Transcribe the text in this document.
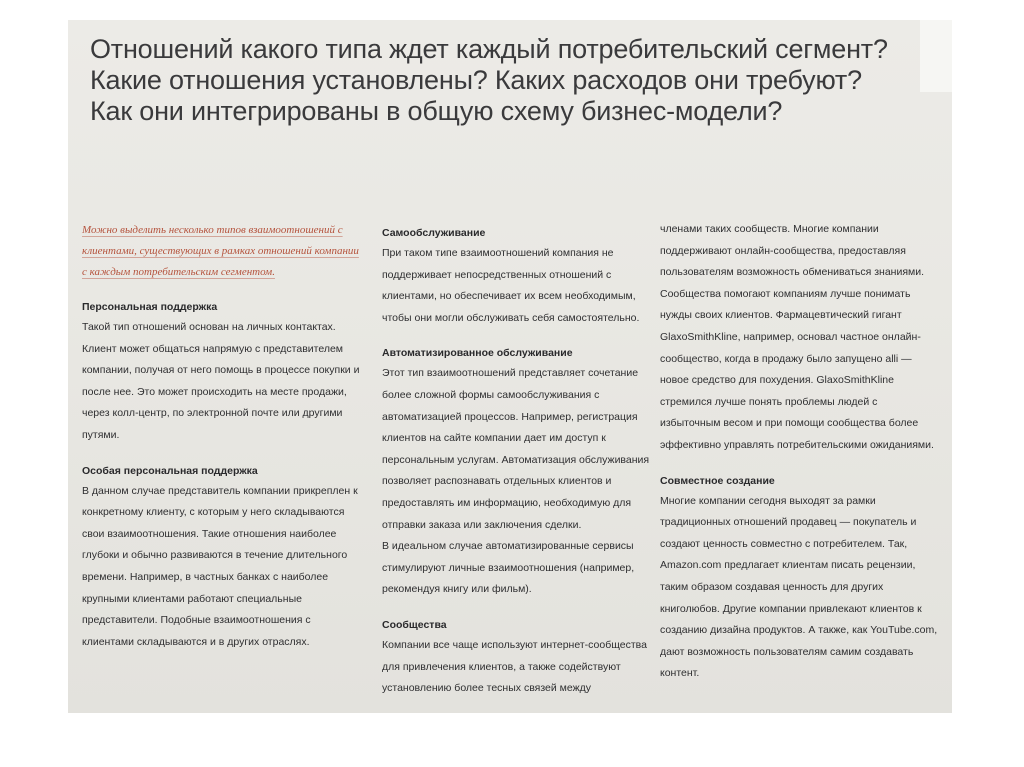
Отношений какого типа ждет каждый потребительский сегмент?
Какие отношения установлены? Каких расходов они требуют?
Как они интегрированы в общую схему бизнес-модели?

Можно выделить несколько типов взаимоотношений с клиентами, существующих в рамках отношений компании с каждым потребительским сегментом.

Персональная поддержка

Такой тип отношений основан на личных контактах. Клиент может общаться напрямую с представителем компании, получая от него помощь в процессе покупки и после нее. Это может происходить на месте продажи, через колл-центр, по электронной почте или другими путями.

Особая персональная поддержка

В данном случае представитель компании прикреплен к конкретному клиенту, с которым у него складываются свои взаимоотношения. Такие отношения наиболее глубоки и обычно развиваются в течение длительного времени. Например, в частных банках с наиболее крупными клиентами работают специальные представители. Подобные взаимоотношения с клиентами складываются и в других отраслях.

Самообслуживание

При таком типе взаимоотношений компания не поддерживает непосредственных отношений с клиентами, но обеспечивает их всем необходимым, чтобы они могли обслуживать себя самостоятельно.

Автоматизированное обслуживание

Этот тип взаимоотношений представляет сочетание более сложной формы самообслуживания с автоматизацией процессов. Например, регистрация клиентов на сайте компании дает им доступ к персональным услугам. Автоматизация обслуживания позволяет распознавать отдельных клиентов и предоставлять им информацию, необходимую для отправки заказа или заключения сделки.

В идеальном случае автоматизированные сервисы стимулируют личные взаимоотношения (например, рекомендуя книгу или фильм).

Сообщества

Компании все чаще используют интернет-сообщества для привлечения клиентов, а также содействуют установлению более тесных связей между

членами таких сообществ. Многие компании поддерживают онлайн-сообщества, предоставляя пользователям возможность обмениваться знаниями. Сообщества помогают компаниям лучше понимать нужды своих клиентов. Фармацевтический гигант GlaxoSmithKline, например, основал частное онлайн-сообщество, когда в продажу было запущено alli — новое средство для похудения. GlaxoSmithKline стремился лучше понять проблемы людей с избыточным весом и при помощи сообщества более эффективно управлять потребительскими ожиданиями.

Совместное создание

Многие компании сегодня выходят за рамки традиционных отношений продавец — покупатель и создают ценность совместно с потребителем. Так, Amazon.com предлагает клиентам писать рецензии, таким образом создавая ценность для других книголюбов. Другие компании привлекают клиентов к созданию дизайна продуктов. А также, как YouTube.com, дают возможность пользователям самим создавать контент.
